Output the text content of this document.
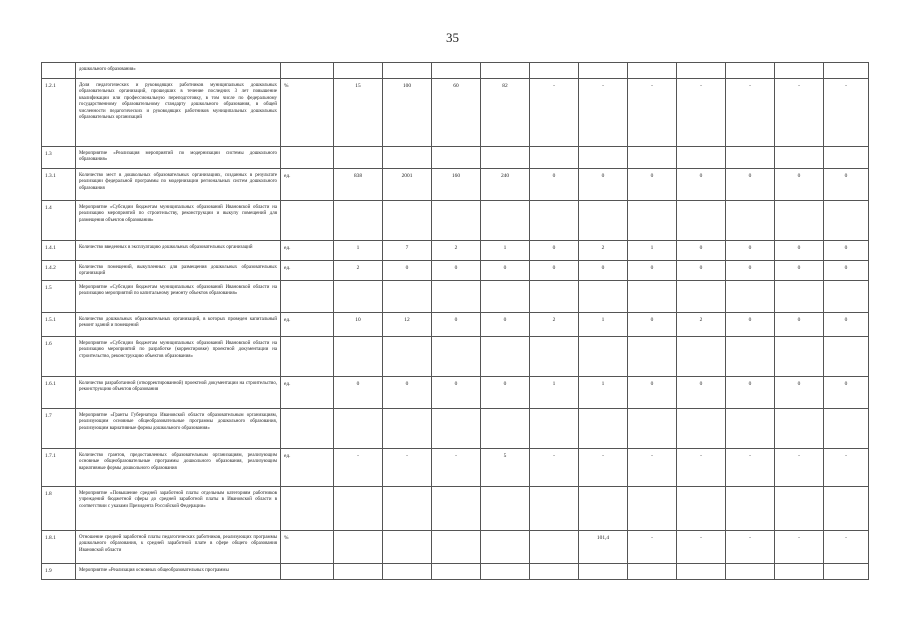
35
	дошкольного образования»												
1.2.1	Доля педагогических и руководящих работников муниципальных дошкольных образовательных организаций, прошедших в течение последних 3 лет повышение квалификации или профессиональную переподготовку, в том числе по федеральному государственному образовательному стандарту дошкольного образования, в общей численности педагогических и руководящих работников муниципальных дошкольных образовательных организаций	%	15	100	60	82	-	-	-	-	-	-	-
1.3	Мероприятие «Реализация мероприятий по модернизации системы дошкольного образования»												
1.3.1	Количество мест в дошкольных образовательных организациях, созданных в результате реализации федеральной программы по модернизации региональных систем дошкольного образования	ед.	838	2001	160	240	0	0	0	0	0	0	0
1.4	Мероприятие «Субсидии бюджетам муниципальных образований Ивановской области на реализацию мероприятий по строительству, реконструкции и выкупу помещений для размещения объектов образования»												
1.4.1	Количество введенных в эксплуатацию дошкольных образовательных организаций	ед.	1	7	2	1	0	2	1	0	0	0	0
1.4.2	Количество помещений, выкупленных для размещения дошкольных образовательных организаций	ед.	2	0	0	0	0	0	0	0	0	0	0
1.5	Мероприятие «Субсидии бюджетам муниципальных образований Ивановской области на реализацию мероприятий по капитальному ремонту объектов образования»												
1.5.1	Количество дошкольных образовательных организаций, в которых проведен капитальный ремонт зданий и помещений	ед.	10	12	0	0	2	1	0	2	0	0	0
1.6	Мероприятие «Субсидии бюджетам муниципальных образований Ивановской области на реализацию мероприятий по разработке (корректировке) проектной документации на строительство, реконструкцию объектов образования»												
1.6.1	Количество разработанной (откорректированной) проектной документации на строительство, реконструкцию объектов образования	ед.	0	0	0	0	1	1	0	0	0	0	0
1.7	Мероприятие «Гранты Губернатора Ивановской области образовательным организациям, реализующим основные общеобразовательные программы дошкольного образования, реализующим вариативные формы дошкольного образования»												
1.7.1	Количество грантов, предоставленных образовательным организациям, реализующим основные общеобразовательные программы дошкольного образования, реализующим вариативные формы дошкольного образования	ед.	-	-	-	5	-	-	-	-	-	-	-
1.8	Мероприятие «Повышение средней заработной платы отдельным категориям работников учреждений бюджетной сферы до средней заработной платы в Ивановской области в соответствии с указами Президента Российской Федерации»												
1.8.1	Отношение средней заработной платы педагогических работников, реализующих программы дошкольного образования, к средней заработной плате в сфере общего образования Ивановской области	%						101,4	-	-	-	-	-
1.9	Мероприятие «Реализация основных общеобразовательных программы												
